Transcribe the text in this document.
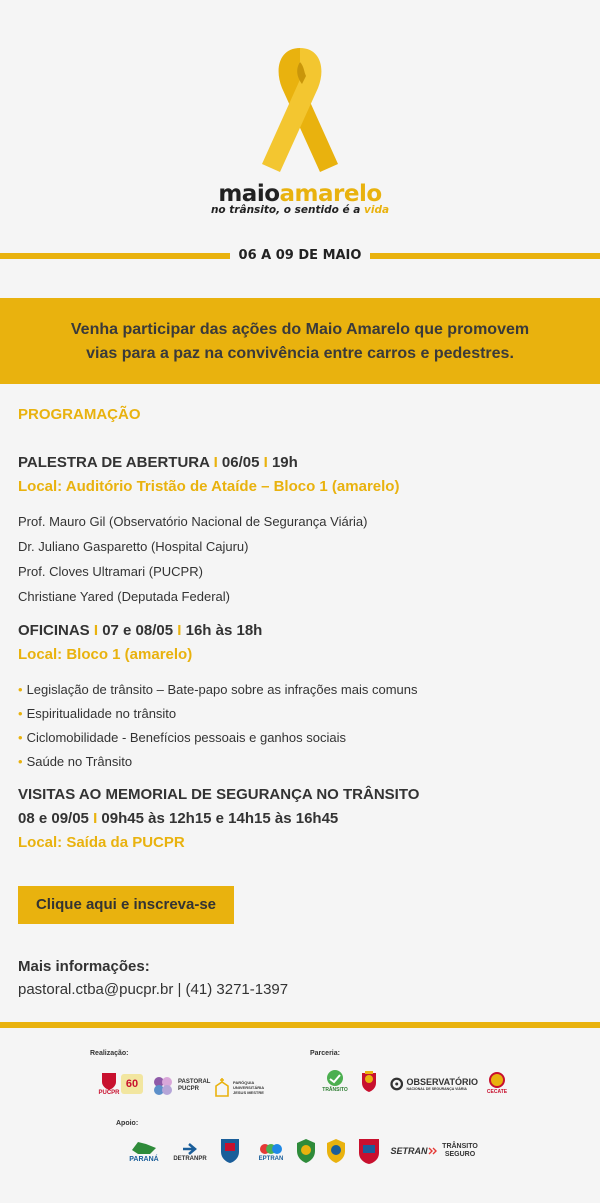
maioamarelo
no trânsito, o sentido é a vida
06 A 09 DE MAIO

Venha participar das ações do Maio Amarelo que promovem
vias para a paz na convivência entre carros e pedestres.

PROGRAMAÇÃO
PALESTRA DE ABERTURA I 06/05 I 19h
Local: Auditório Tristão de Ataíde – Bloco 1 (amarelo)
Prof. Mauro Gil (Observatório Nacional de Segurança Viária)
Dr. Juliano Gasparetto (Hospital Cajuru)
Prof. Cloves Ultramari (PUCPR)
Christiane Yared (Deputada Federal)
OFICINAS I 07 e 08/05 I 16h às 18h
Local: Bloco 1 (amarelo)
• Legislação de trânsito – Bate-papo sobre as infrações mais comuns
• Espiritualidade no trânsito
• Ciclomobilidade - Benefícios pessoais e ganhos sociais
• Saúde no Trânsito
VISITAS AO MEMORIAL DE SEGURANÇA NO TRÂNSITO
08 e 09/05 I 09h45 às 12h15 e 14h15 às 16h45
Local: Saída da PUCPR
Clique aqui e inscreva-se
Mais informações:
pastoral.ctba@pucpr.br | (41) 3271-1397
Realização:	Parceria:
Apoio:
PUCPR
60	PASTORAL
PUCPR
PARÓQUIA UNIVERSITÁRIA JESUS MESTRE	TRÂNSITO
OBSERVATÓRIO
NACIONAL DE SEGURANÇA VIÁRIA	CECATE
PARANÁ DETRANPR	EPTRAN
SETRAN TRÂNSITO
SEGURO
